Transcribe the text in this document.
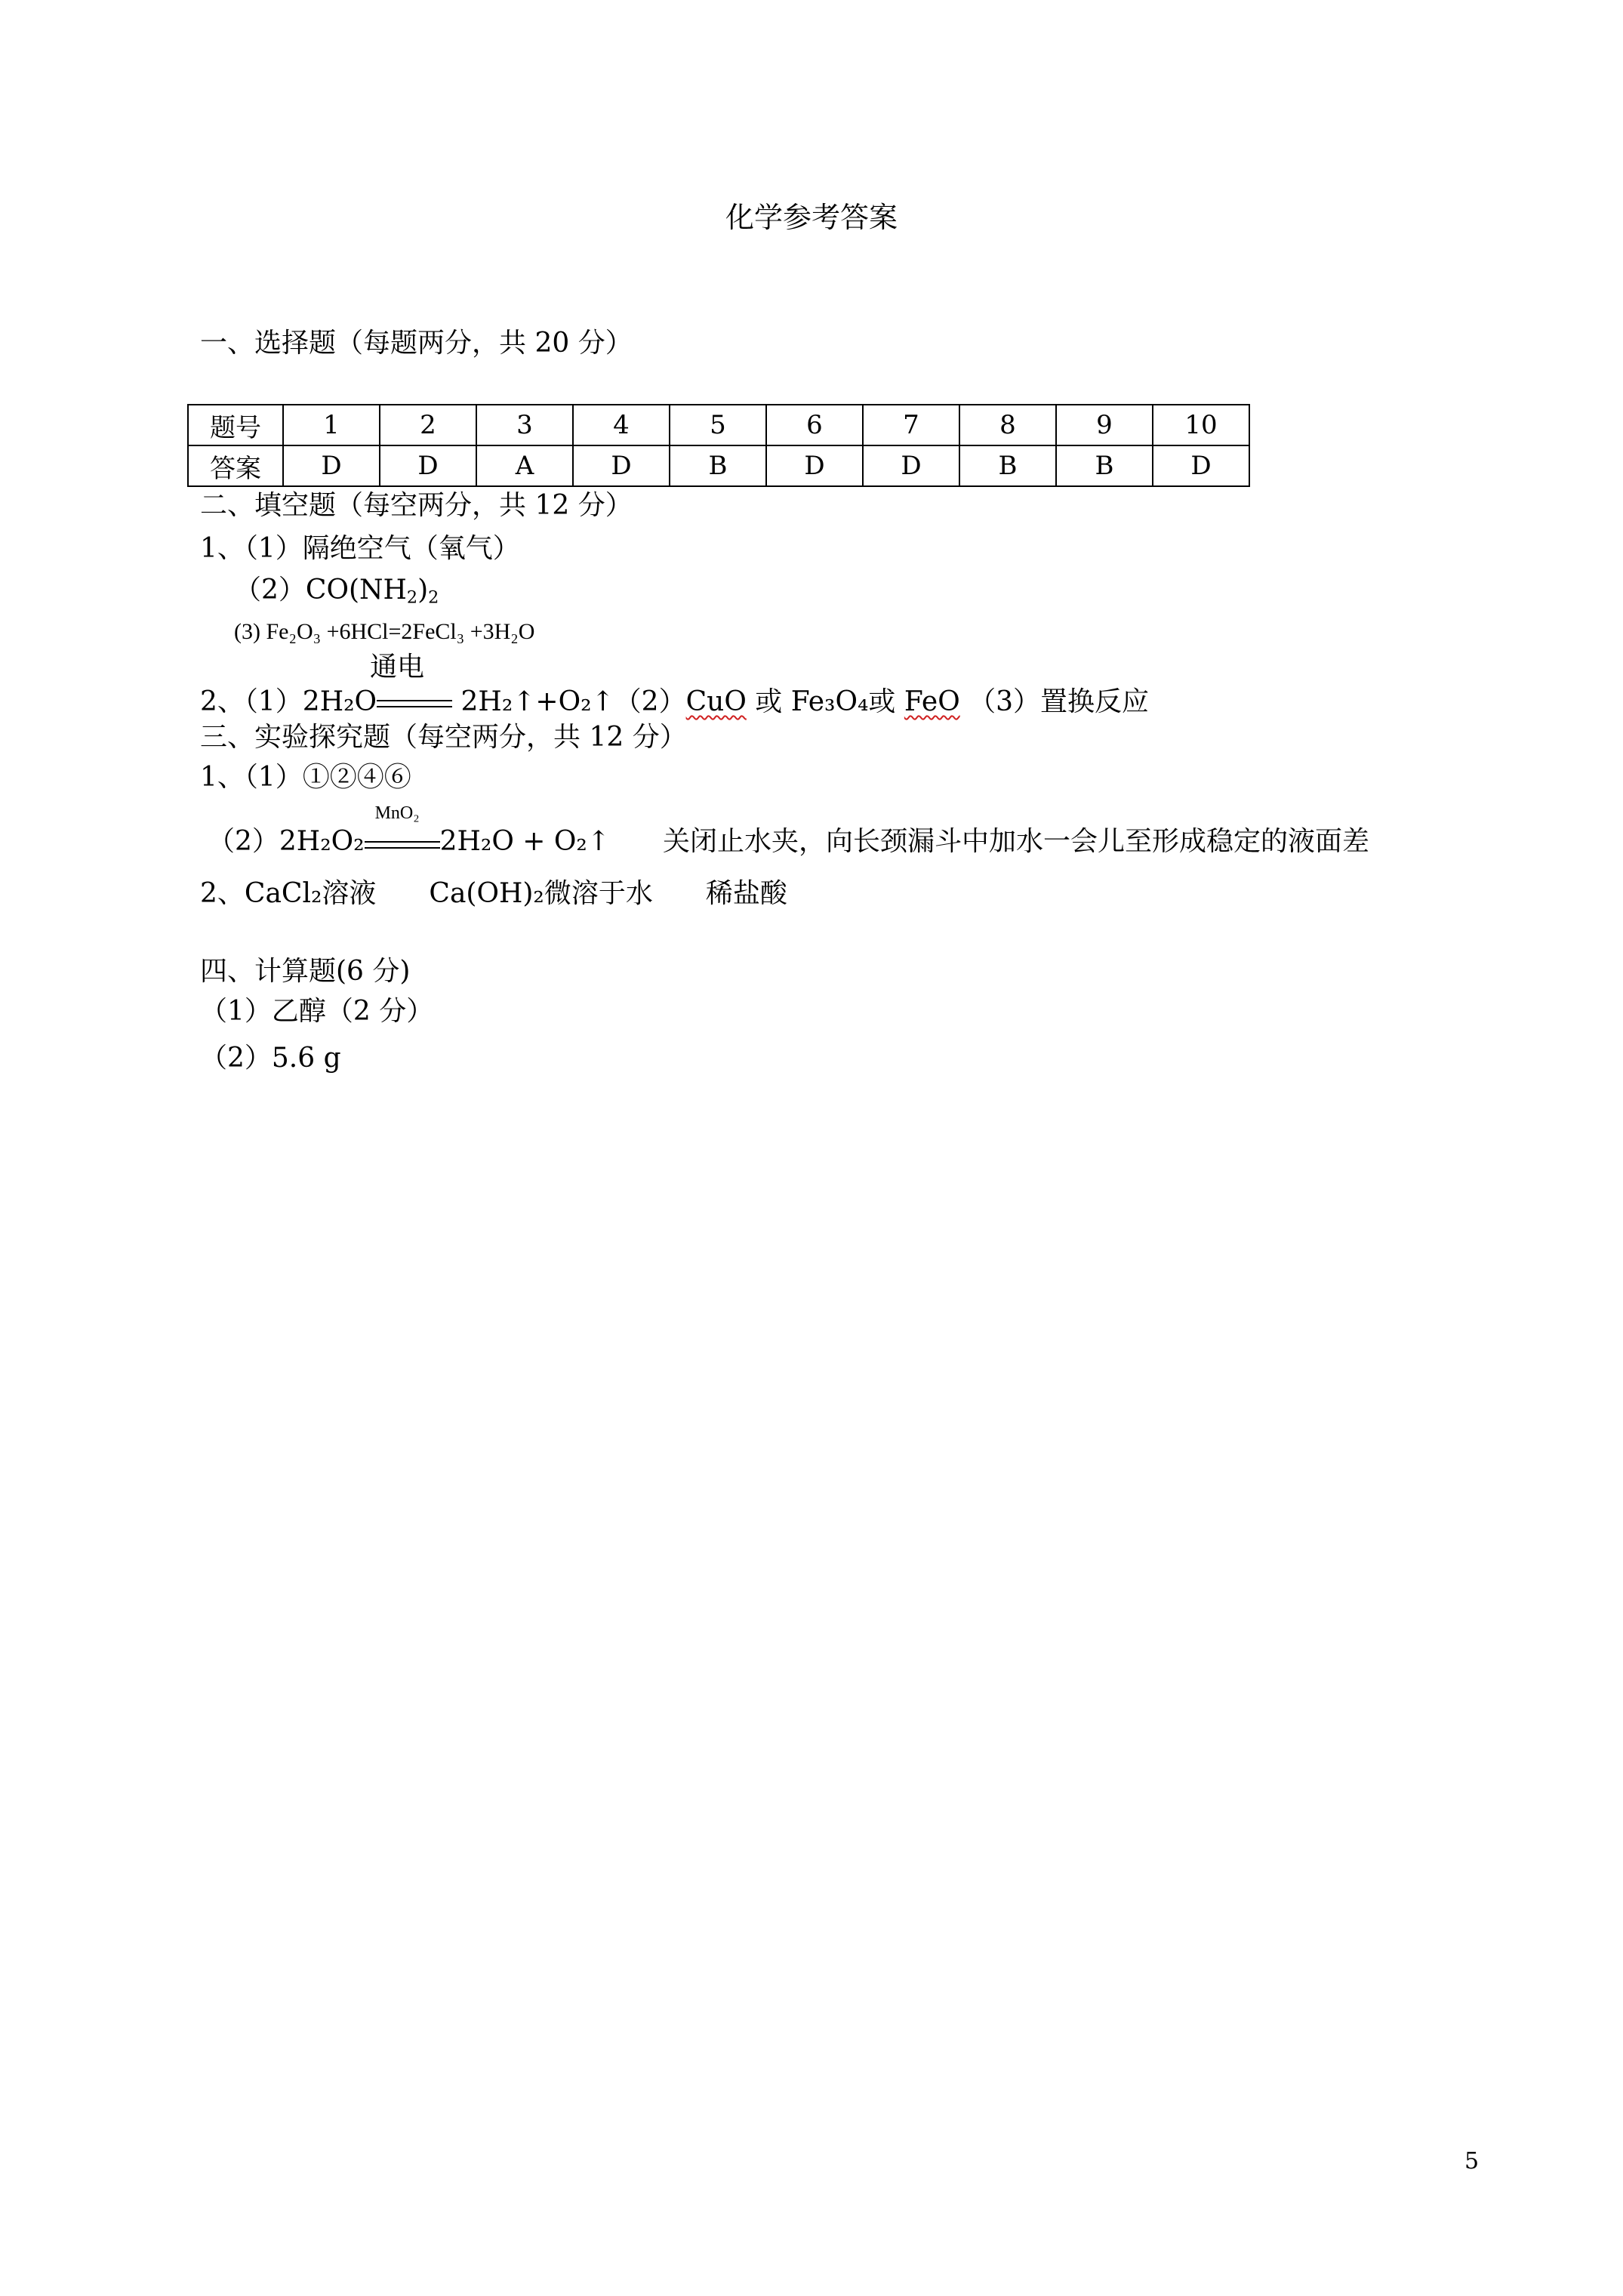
化学参考答案
一、选择题（每题两分，共 20 分）
题号	1	2	3	4	5	6	7	8	9	10
答案	D	D	A	D	B	D	D	B	B	D
二、填空题（每空两分，共 12 分）
1、（1）隔绝空气（氧气）
$(2)CO(NH_2)_2$
(3) Fe₂O₃ +6HCl=2FeCl₃ +3H₂O
通电
2、（1）2H₂O	2H₂↑+O₂↑（2）CuO 或 Fe₃O₄或 FeO （3）置换反应
三、实验探究题（每空两分，共 12 分）
1、（1）①②④⑥
（2）2H₂O₂
MnO₂
2H₂O + O₂↑ 关闭止水夹，向长颈漏斗中加水一会儿至形成稳定的液面差
2、CaCl₂溶液 Ca(OH)₂微溶于水 稀盐酸
四、计算题(6 分)
（1）乙醇（2 分）
（2）5.6 g
5
